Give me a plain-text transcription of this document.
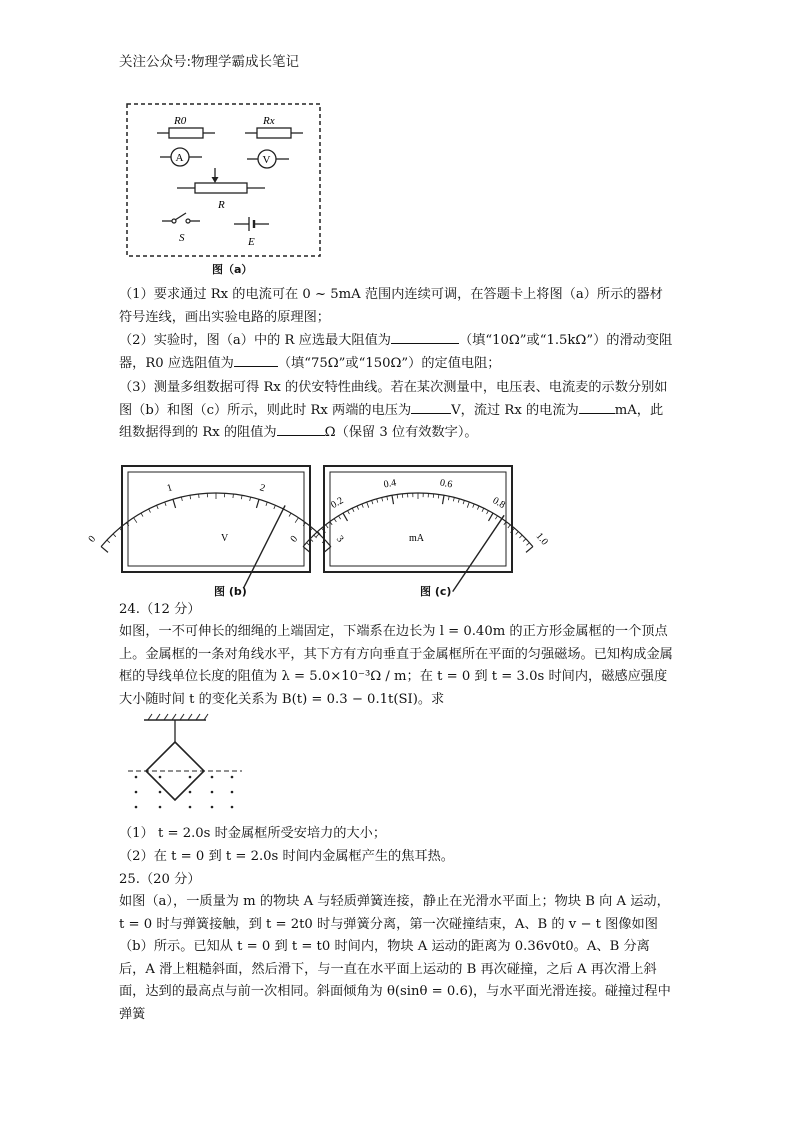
关注公众号:物理学霸成长笔记
R0	Rx
A	V
R
S	E
图（a）
（1）要求通过 Rx 的电流可在 0 ~ 5mA 范围内连续可调，在答题卡上将图（a）所示的器材符号连线，画出实验电路的原理图；
（2）实验时，图（a）中的 R 应选最大阻值为	（填“10Ω”或“1.5kΩ”）的滑动变阻器，R0 应选阻值为	（填“75Ω”或“150Ω”）的定值电阻；
（3）测量多组数据可得 Rx 的伏安特性曲线。若在某次测量中，电压表、电流麦的示数分别如图（b）和图（c）所示，则此时 Rx 两端的电压为	V，流过 Rx 的电流为	mA，此组数据得到的 Rx 的阻值为	Ω（保留 3 位有效数字）。
0
1	2
3
V
图 (b)
0
0.2
0.4	0.6
0.8
1.0
mA
图 (c)
24.（12 分）
如图，一不可伸长的细绳的上端固定，下端系在边长为 l = 0.40m 的正方形金属框的一个顶点上。金属框的一条对角线水平，其下方有方向垂直于金属框所在平面的匀强磁场。已知构成金属框的导线单位长度的阻值为 λ = 5.0×10⁻³Ω / m；在 t = 0 到 t = 3.0s 时间内，磁感应强度大小随时间 t 的变化关系为 B(t) = 0.3 − 0.1t(SI)。求
（1） t = 2.0s 时金属框所受安培力的大小；
（2）在 t = 0 到 t = 2.0s 时间内金属框产生的焦耳热。
25.（20 分）
如图（a），一质量为 m 的物块 A 与轻质弹簧连接，静止在光滑水平面上；物块 B 向 A 运动，t = 0 时与弹簧接触，到 t = 2t0 时与弹簧分离，第一次碰撞结束，A、B 的 v − t 图像如图（b）所示。已知从 t = 0 到 t = t0 时间内，物块 A 运动的距离为 0.36v0t0。A、B 分离后，A 滑上粗糙斜面，然后滑下，与一直在水平面上运动的 B 再次碰撞，之后 A 再次滑上斜面，达到的最高点与前一次相同。斜面倾角为 θ(sinθ = 0.6)，与水平面光滑连接。碰撞过程中弹簧
